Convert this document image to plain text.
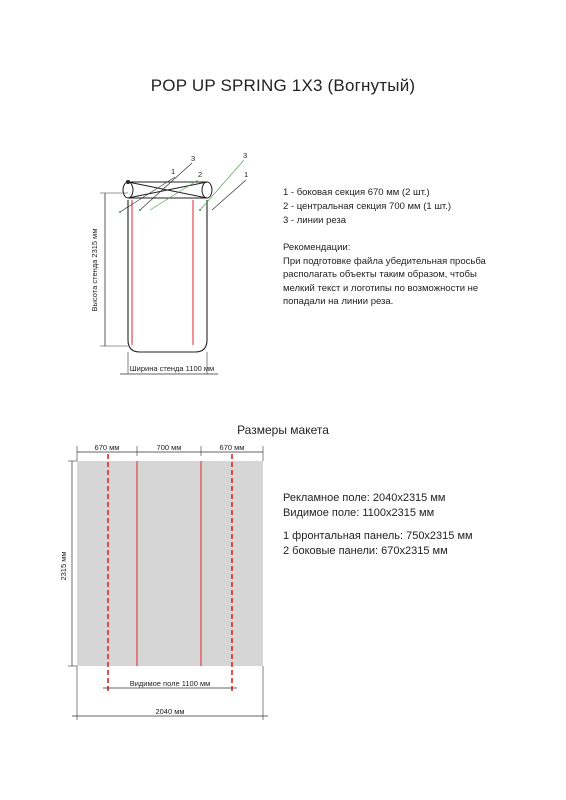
POP UP SPRING 1X3 (Вогнутый)
Высота стенда 2315 мм
Ширина стенда 1100 мм
1	2
3	3
1
670 мм	700 мм	670 мм
2315 мм
Видимое поле 1100 мм
2040 мм
1 - боковая секция 670 мм (2 шт.)
2 - центральная секция 700 мм (1 шт.)
3 - линии реза
Рекомендации:
При подготовке файла убедительная просьба располагать объекты таким образом, чтобы мелкий текст и логотипы по возможности не попадали на линии реза.
Размеры макета
Рекламное поле: 2040х2315 мм
Видимое поле: 1100х2315 мм
1 фронтальная панель: 750х2315 мм
2 боковые панели: 670х2315 мм
